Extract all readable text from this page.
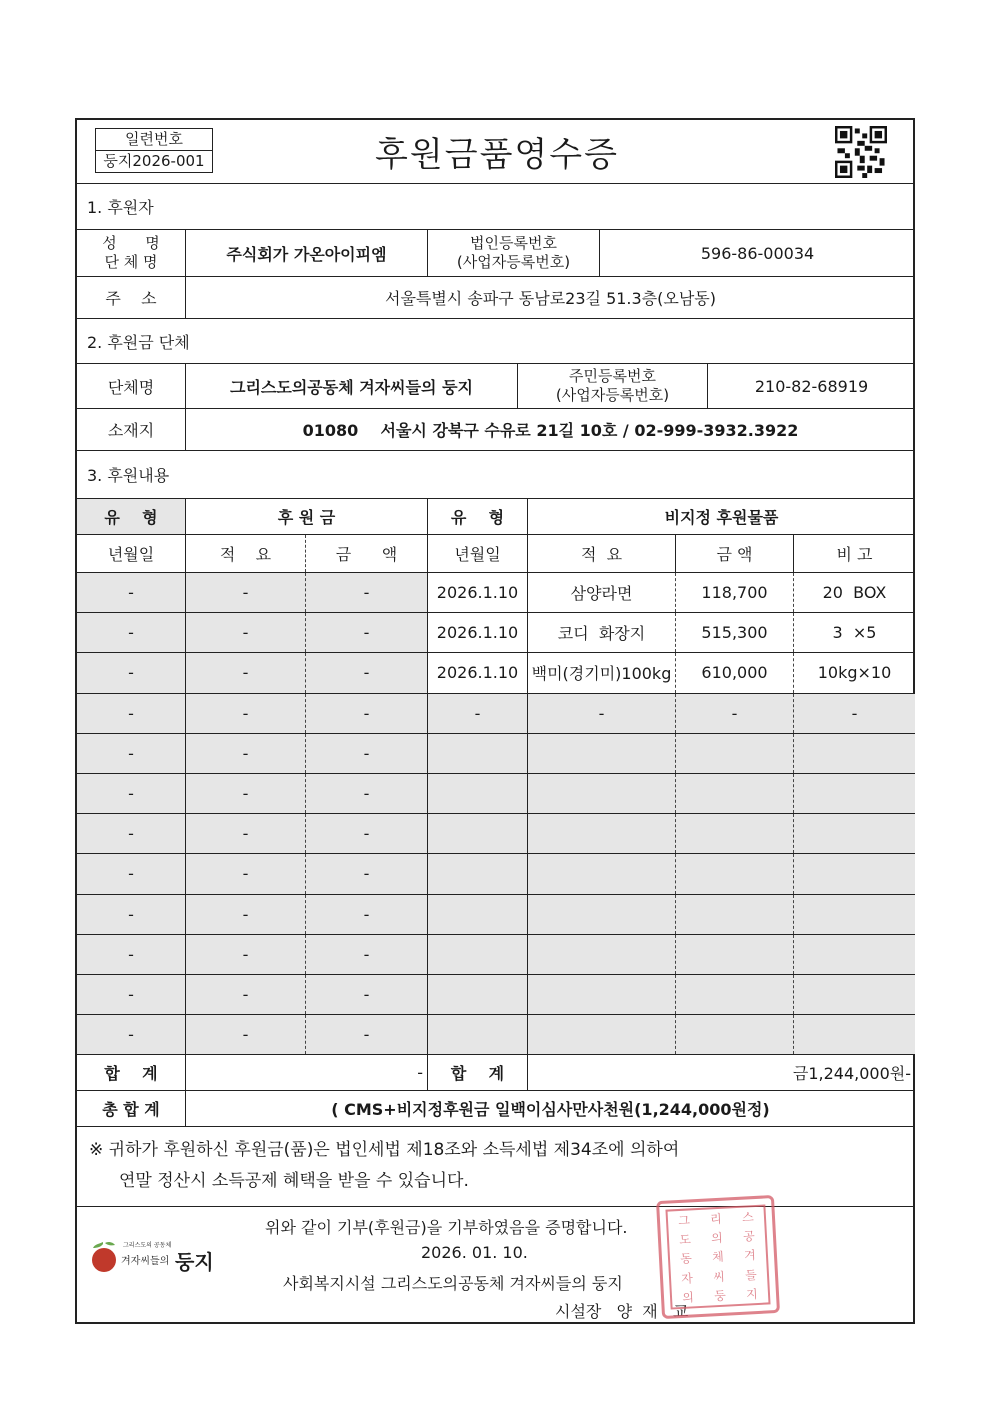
일련번호
둥지2026-001	후원금품영수증
1. 후원자
성      명
단 체 명	주식회가 가온아이피엠
법인등록번호
(사업자등록번호)	596-86-00034
주    소	서울특별시 송파구 동남로23길 51.3층(오남동)
2. 후원금 단체
단체명	그리스도의공동체 겨자씨들의 둥지
주민등록번호
(사업자등록번호)	210-82-68919
소재지	01080    서울시 강북구 수유로 21길 10호 / 02-999-3932.3922
3. 후원내용
유    형	후 원 금	유    형	비지정 후원물품
년월일	적    요	금      액	년월일	적  요	금 액	비 고
-	-	-	2026.1.10	삼양라면	118,700	20  BOX
-	-	-	2026.1.10	코디  화장지	515,300	3  ×5
-	-	-	2026.1.10 백미(경기미)100kg	610,000	10kg×10
-	-	-	-	-	-	-
-	-	-
-	-	-
-	-	-
-	-	-
-	-	-
-	-	-
-	-	-
-	-	-
합    계	-	합    계	금1,244,000원-
총 합 계	( CMS+비지정후원금 일백이심사만사천원(1,244,000원정)
※ 귀하가 후원하신 후원금(품)은 법인세법 제18조와 소득세법 제34조에 의하여
연말 정산시 소득공제 혜택을 받을 수 있습니다.
위와 같이 기부(후원금)을 기부하였음을 증명합니다.
2026. 01. 10.
사회복지시설 그리스도의공동체 겨자씨들의 둥지
시설장   양  재   교
그리스도의 공동체
겨자씨들의 둥지
그 리 스
도 의 공
동 체 겨
자 씨 들
의 둥 지
